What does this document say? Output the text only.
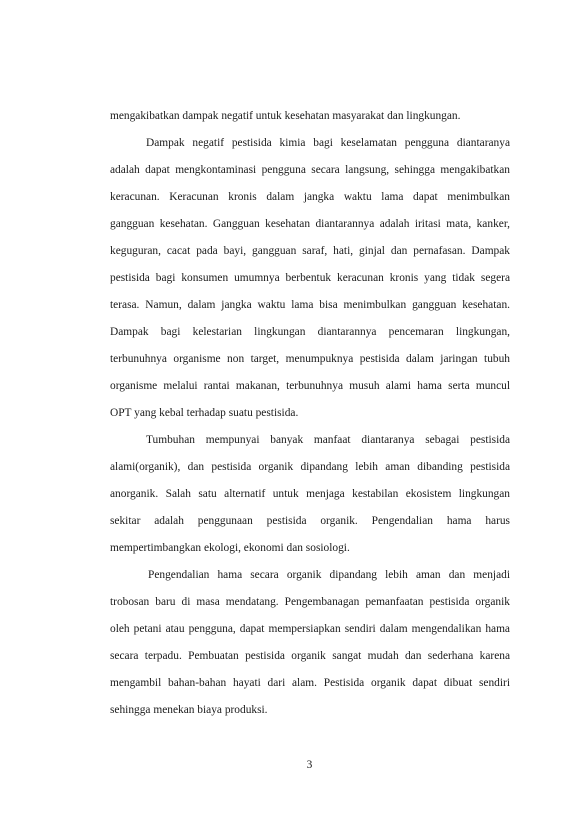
mengakibatkan dampak negatif untuk kesehatan masyarakat dan lingkungan.
Dampak negatif pestisida kimia bagi keselamatan pengguna diantaranya
adalah dapat mengkontaminasi pengguna secara langsung, sehingga mengakibatkan
keracunan. Keracunan kronis dalam jangka waktu lama dapat menimbulkan
gangguan kesehatan. Gangguan kesehatan diantarannya adalah iritasi mata, kanker,
keguguran, cacat pada bayi, gangguan saraf, hati, ginjal dan pernafasan. Dampak
pestisida bagi konsumen umumnya berbentuk keracunan kronis yang tidak segera
terasa. Namun, dalam jangka waktu lama bisa menimbulkan gangguan kesehatan.
Dampak bagi kelestarian lingkungan diantarannya pencemaran lingkungan,
terbunuhnya organisme non target, menumpuknya pestisida dalam jaringan tubuh
organisme melalui rantai makanan, terbunuhnya musuh alami hama serta muncul
OPT yang kebal terhadap suatu pestisida.
Tumbuhan mempunyai banyak manfaat diantaranya sebagai pestisida
alami(organik), dan pestisida organik dipandang lebih aman dibanding pestisida
anorganik. Salah satu alternatif untuk menjaga kestabilan ekosistem lingkungan
sekitar adalah penggunaan pestisida organik. Pengendalian hama harus
mempertimbangkan ekologi, ekonomi dan sosiologi.
Pengendalian hama secara organik dipandang lebih aman dan menjadi
trobosan baru di masa mendatang. Pengembanagan pemanfaatan pestisida organik
oleh petani atau pengguna, dapat mempersiapkan sendiri dalam mengendalikan hama
secara terpadu. Pembuatan pestisida organik sangat mudah dan sederhana karena
mengambil bahan-bahan hayati dari alam. Pestisida organik dapat dibuat sendiri
sehingga menekan biaya produksi.
3
